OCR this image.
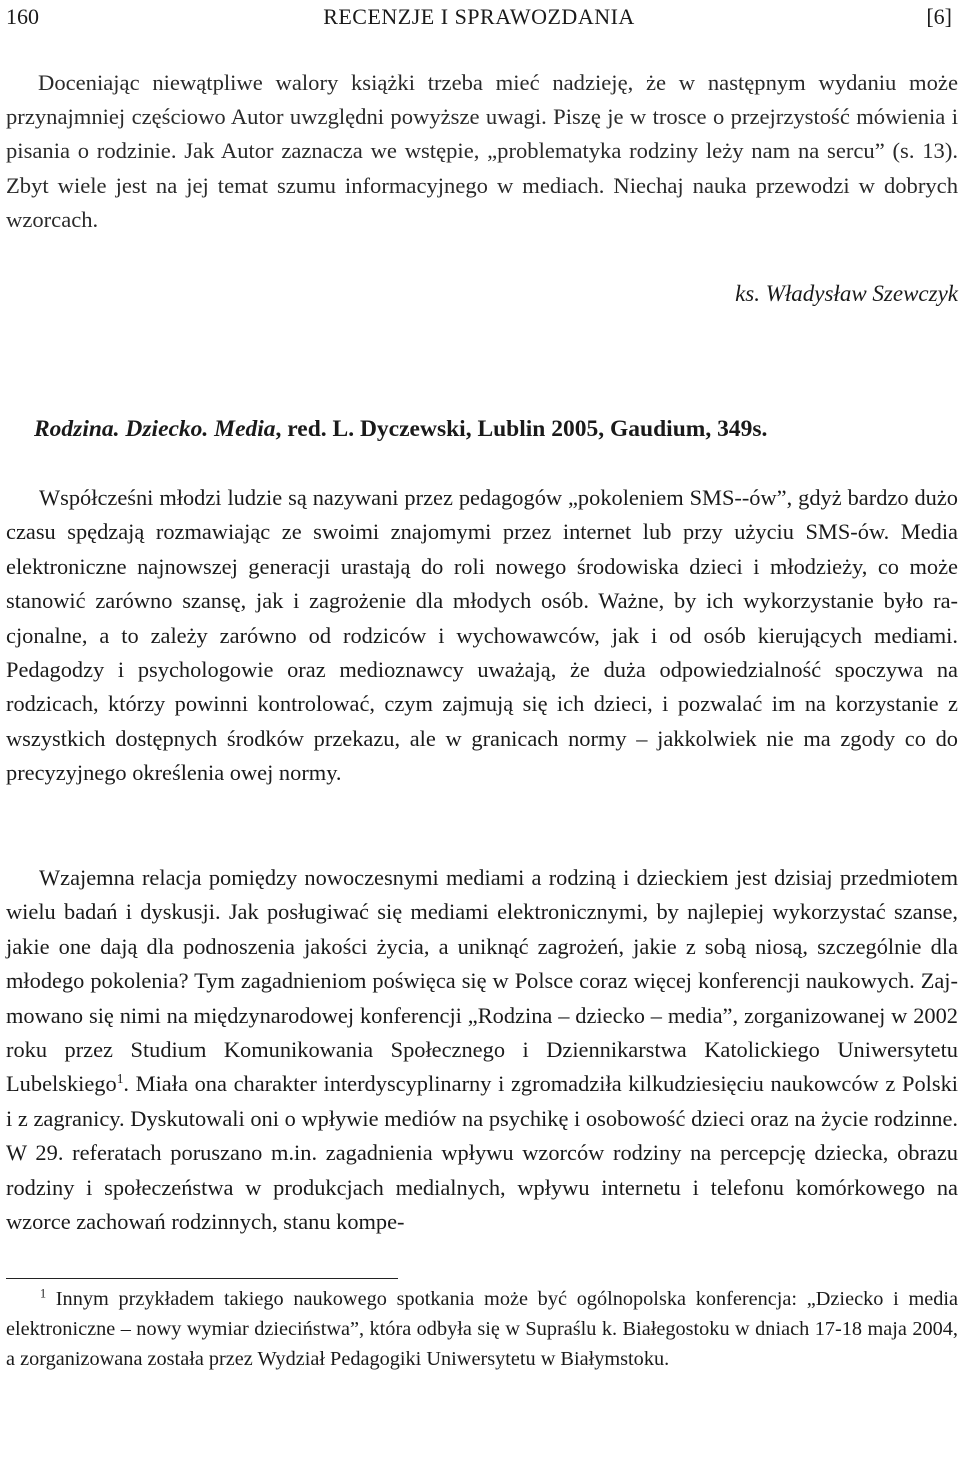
160	RECENZJE I SPRAWOZDANIA	[6]

Doceniając niewątpliwe walory książki trzeba mieć nadzieję, że w następnym wydaniu może przynajmniej częściowo Autor uwzględni powyższe uwagi. Piszę je w trosce o przejrzystość mówienia i pisania o rodzinie. Jak Autor zaznacza we wstępie, „problematyka rodziny leży nam na sercu” (s. 13). Zbyt wiele jest na jej temat szumu informacyjnego w mediach. Niechaj nauka przewodzi w dobrych wzorcach.

ks. Władysław Szewczyk
Rodzina. Dziecko. Media, red. L. Dyczewski, Lublin 2005, Gaudium, 349s.

Współcześni młodzi ludzie są nazywani przez pedagogów „pokoleniem SMS-​-ów”, gdyż bardzo dużo czasu spędzają rozmawiając ze swoimi znajomymi przez internet lub przy użyciu SMS-ów. Media elektroniczne najnowszej generacji urastają do roli nowego środowiska dzieci i młodzieży, co może stanowić zarówno szansę, jak i zagrożenie dla młodych osób. Ważne, by ich wykorzystanie było racjonalne, a to zależy zarówno od rodziców i wychowawców, jak i od osób kierujących mediami. Pedagodzy i psychologowie oraz medioznawcy uważają, że duża odpowiedzialność spoczywa na rodzicach, którzy powinni kontrolować, czym zajmują się ich dzieci, i pozwalać im na korzystanie z wszystkich dostępnych środków przekazu, ale w granicach normy – jakkolwiek nie ma zgody co do precyzyjnego określenia owej normy.

Wzajemna relacja pomiędzy nowoczesnymi mediami a rodziną i dzieckiem jest dzisiaj przedmiotem wielu badań i dyskusji. Jak posługiwać się mediami elektronicznymi, by najlepiej wykorzystać szanse, jakie one dają dla podnoszenia jakości życia, a uniknąć zagrożeń, jakie z sobą niosą, szczególnie dla młodego pokolenia? Tym zagadnieniom poświęca się w Polsce coraz więcej konferencji naukowych. Zajmowano się nimi na międzynarodowej konferencji „Rodzina – dziecko – media”, zorganizowanej w 2002 roku przez Studium Komunikowania Społecznego i Dziennikarstwa Katolickiego Uniwersytetu Lubelskiego$^1$. Miała ona charakter interdyscyplinarny i zgromadziła kilkudziesięciu naukowców z Polski i z zagranicy. Dyskutowali oni o wpływie mediów na psychikę i osobowość dzieci oraz na życie rodzinne. W 29. referatach poruszano m.in. zagadnienia wpływu wzorców rodziny na percepcję dziecka, obrazu rodziny i społeczeństwa w produkcjach medialnych, wpływu internetu i telefonu komórkowego na wzorce zachowań rodzinnych, stanu kompe-

$^1$ Innym przykładem takiego naukowego spotkania może być ogólnopolska konferencja: „Dziecko i media elektroniczne – nowy wymiar dzieciństwa”, która odbyła się w Supraślu k. Białegostoku w dniach 17-18 maja 2004, a zorganizowana została przez Wydział Pedagogiki Uniwersytetu w Białymstoku.
